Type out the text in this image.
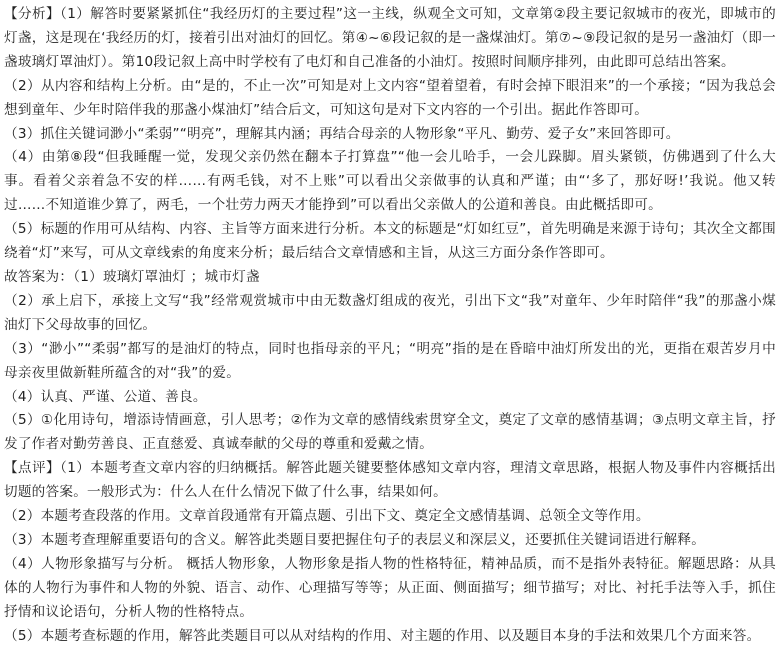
【分析】（1）解答时要紧紧抓住“我经历灯的主要过程”这一主线，纵观全文可知，文章第②段主要记叙城市的夜光，即城市的灯盏，这是现在‘我经历的灯，接着引出对油灯的回忆。第④~⑥段记叙的是一盏煤油灯。第⑦~⑨段记叙的是另一盏油灯（即一盏玻璃灯罩油灯）。第10段记叙上高中时学校有了电灯和自己准备的小油灯。按照时间顺序排列，由此即可总结出答案。

（2）从内容和结构上分析。由“是的，不止一次”可知是对上文内容“望着望着，有时会掉下眼泪来”的一个承接；“因为我总会想到童年、少年时陪伴我的那盏小煤油灯”结合后文，可知这句是对下文内容的一个引出。据此作答即可。

（3）抓住关键词渺小“柔弱”“明亮”，理解其内涵；再结合母亲的人物形象“平凡、勤劳、爱子女”来回答即可。

（4）由第⑧段“但我睡醒一觉，发现父亲仍然在翻本子打算盘”“他一会儿哈手，一会儿跺脚。眉头紧锁，仿佛遇到了什么大事。看着父亲着急不安的样……有两毛钱，对不上账”可以看出父亲做事的认真和严谨；由“‘多了，那好呀!’我说。他又转过……不知道谁少算了，两毛，一个壮劳力两天才能挣到”可以看出父亲做人的公道和善良。由此概括即可。

（5）标题的作用可从结构、内容、主旨等方面来进行分析。本文的标题是“灯如红豆”，首先明确是来源于诗句；其次全文都围绕着“灯”来写，可从文章线索的角度来分析；最后结合文章情感和主旨，从这三方面分条作答即可。

故答案为：（1）玻璃灯罩油灯 ；城市灯盏

（2）承上启下，承接上文写“我”经常观赏城市中由无数盏灯组成的夜光，引出下文“我”对童年、少年时陪伴“我”的那盏小煤油灯下父母故事的回忆。

（3）“渺小”“柔弱”都写的是油灯的特点，同时也指母亲的平凡；“明亮”指的是在昏暗中油灯所发出的光，更指在艰苦岁月中母亲夜里做新鞋所蕴含的对“我”的爱。

（4）认真、严谨、公道、善良。

（5）①化用诗句，增添诗情画意，引人思考；②作为文章的感情线索贯穿全文，奠定了文章的感情基调；③点明文章主旨，抒发了作者对勤劳善良、正直慈爱、真诚奉献的父母的尊重和爱戴之情。

【点评】（1）本题考查文章内容的归纳概括。解答此题关键要整体感知文章内容，理清文章思路，根据人物及事件内容概括出切题的答案。一般形式为：什么人在什么情况下做了什么事，结果如何。

（2）本题考查段落的作用。文章首段通常有开篇点题、引出下文、奠定全文感情基调、总领全文等作用。

（3）本题考查理解重要语句的含义。解答此类题目要把握住句子的表层义和深层义，还要抓住关键词语进行解释。

（4）人物形象描写与分析。 概括人物形象，人物形象是指人物的性格特征，精神品质，而不是指外表特征。解题思路：从具体的人物行为事件和人物的外貌、语言、动作、心理描写等等；从正面、侧面描写；细节描写；对比、衬托手法等入手，抓住抒情和议论语句，分析人物的性格特点。

（5）本题考查标题的作用，解答此类题目可以从对结构的作用、对主题的作用、以及题目本身的手法和效果几个方面来答。
